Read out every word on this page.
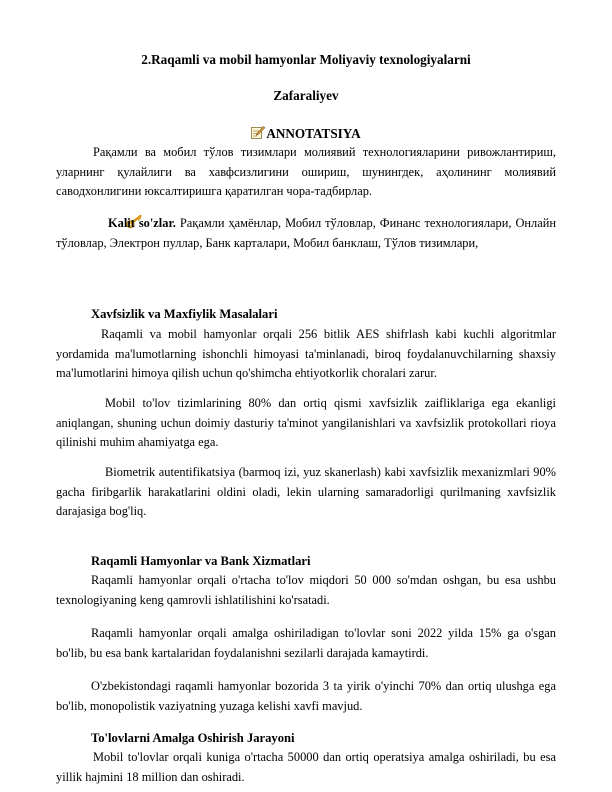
2.Raqamli va mobil hamyonlar Moliyaviy texnologiyalarni
Zafaraliyev
ANNOTATSIYA
Рақамли ва мобил тўлов тизимлари молиявий технологияларини ривожлантириш, уларнинг қулайлиги ва хавфсизлигини ошириш, шунингдек, аҳолининг молиявий саводхонлигини юксалтиришга қаратилган чора-тадбирлар.
Kalit so'zlar. Рақамли ҳамёнлар, Мобил тўловлар, Финанс технологиялари, Онлайн тўловлар, Электрон пуллар, Банк карталари, Мобил банклаш, Тўлов тизимлари,
Xavfsizlik va Maxfiylik Masalalari
Raqamli va mobil hamyonlar orqali 256 bitlik AES shifrlash kabi kuchli algoritmlar yordamida ma'lumotlarning ishonchli himoyasi ta'minlanadi, biroq foydalanuvchilarning shaxsiy ma'lumotlarini himoya qilish uchun qo'shimcha ehtiyotkorlik choralari zarur.
Mobil to'lov tizimlarining 80% dan ortiq qismi xavfsizlik zaifliklariga ega ekanligi aniqlangan, shuning uchun doimiy dasturiy ta'minot yangilanishlari va xavfsizlik protokollari rioya qilinishi muhim ahamiyatga ega.
Biometrik autentifikatsiya (barmoq izi, yuz skanerlash) kabi xavfsizlik mexanizmlari 90% gacha firibgarlik harakatlarini oldini oladi, lekin ularning samaradorligi qurilmaning xavfsizlik darajasiga bog'liq.
Raqamli Hamyonlar va Bank Xizmatlari
Raqamli hamyonlar orqali o'rtacha to'lov miqdori 50 000 so'mdan oshgan, bu esa ushbu texnologiyaning keng qamrovli ishlatilishini ko'rsatadi.
Raqamli hamyonlar orqali amalga oshiriladigan to'lovlar soni 2022 yilda 15% ga o'sgan bo'lib, bu esa bank kartalaridan foydalanishni sezilarli darajada kamaytirdi.
O'zbekistondagi raqamli hamyonlar bozorida 3 ta yirik o'yinchi 70% dan ortiq ulushga ega bo'lib, monopolistik vaziyatning yuzaga kelishi xavfi mavjud.
To'lovlarni Amalga Oshirish Jarayoni
Mobil to'lovlar orqali kuniga o'rtacha 50000 dan ortiq operatsiya amalga oshiriladi, bu esa yillik hajmini 18 million dan oshiradi.
